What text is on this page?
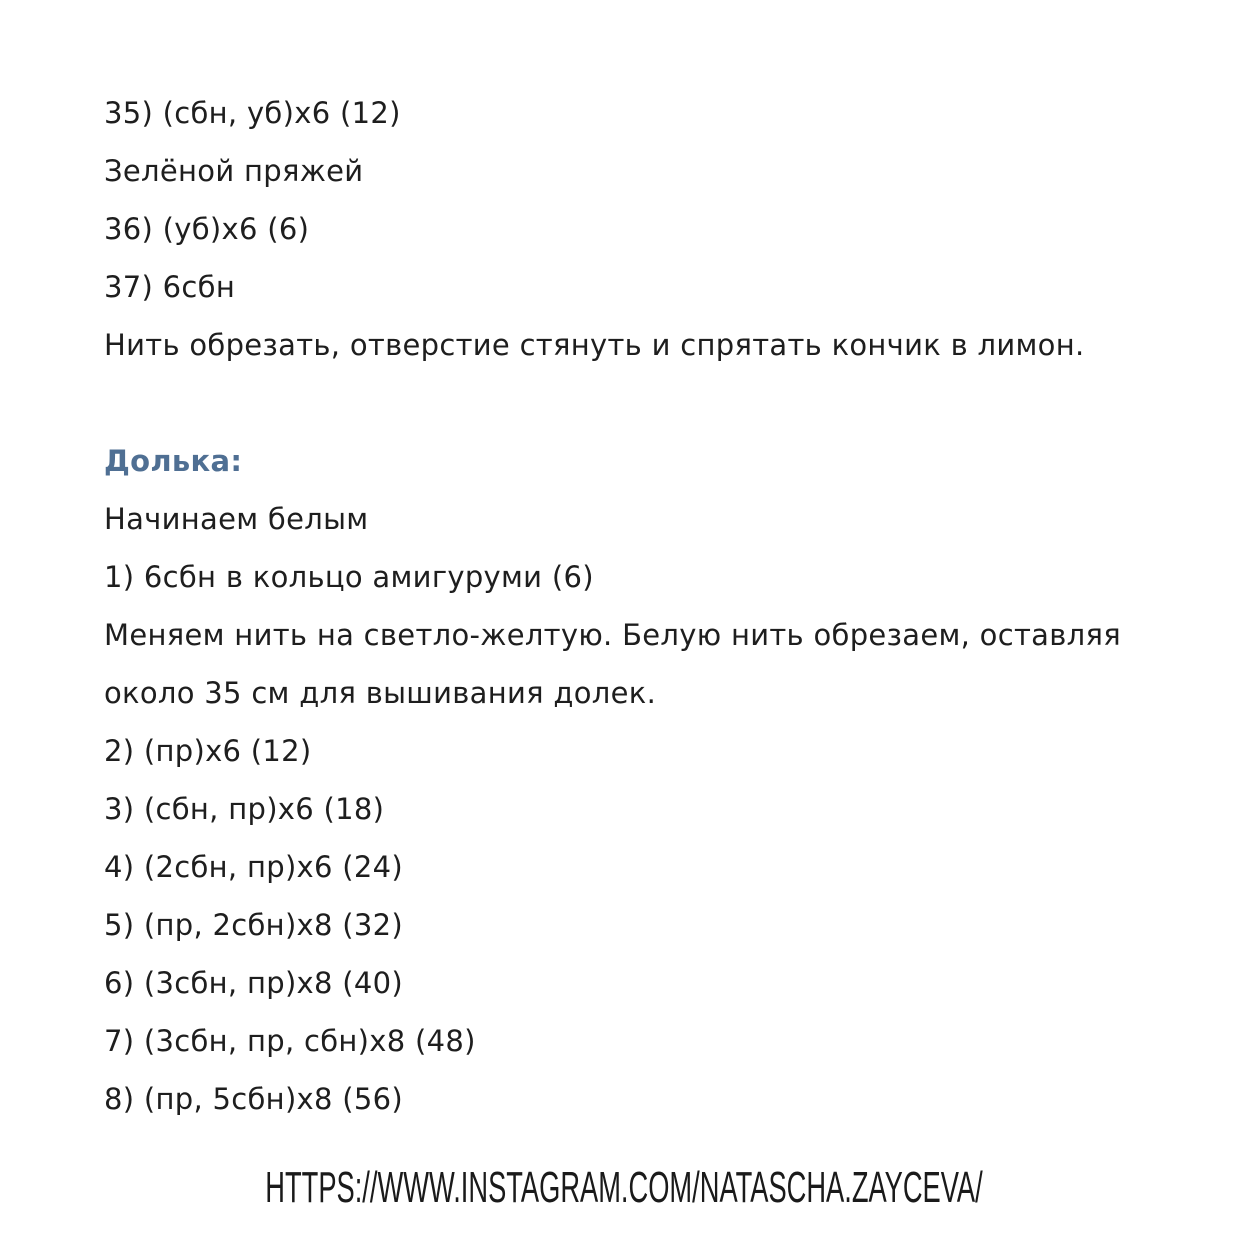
35) (сбн, уб)х6 (12)
Зелёной пряжей
36) (уб)х6 (6)
37) 6сбн
Нить обрезать, отверстие стянуть и спрятать кончик в лимон.
Долька:
Начинаем белым
1) 6сбн в кольцо амигуруми (6)
Меняем нить на светло-желтую. Белую нить обрезаем, оставляя
около 35 см для вышивания долек.
2) (пр)х6 (12)
3) (сбн, пр)х6 (18)
4) (2сбн, пр)х6 (24)
5) (пр, 2сбн)х8 (32)
6) (3сбн, пр)х8 (40)
7) (3сбн, пр, сбн)х8 (48)
8) (пр, 5сбн)х8 (56)
HTTPS://WWW.INSTAGRAM.COM/NATASCHA.ZAYCEVA/
